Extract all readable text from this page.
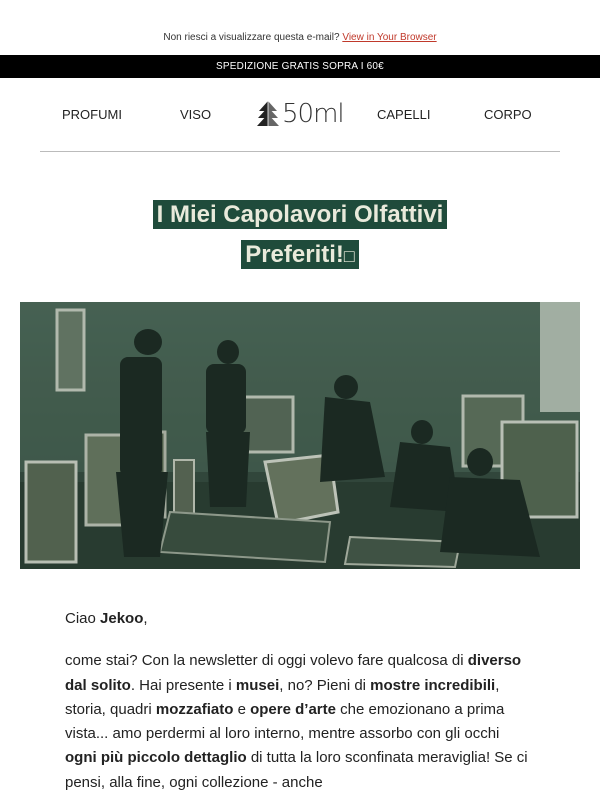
Non riesci a visualizzare questa e-mail? View in Your Browser
SPEDIZIONE GRATIS SOPRA I 60€
PROFUMI	VISO	50ml	CAPELLI	CORPO
I Miei Capolavori Olfattivi
Preferiti!□

Ciao Jekoo,

come stai? Con la newsletter di oggi volevo fare qualcosa di diverso dal solito. Hai presente i musei, no? Pieni di mostre incredibili, storia, quadri mozzafiato e opere d’arte che emozionano a prima vista... amo perdermi al loro interno, mentre assorbo con gli occhi ogni più piccolo dettaglio di tutta la loro sconfinata meraviglia! Se ci pensi, alla fine, ogni collezione - anche
